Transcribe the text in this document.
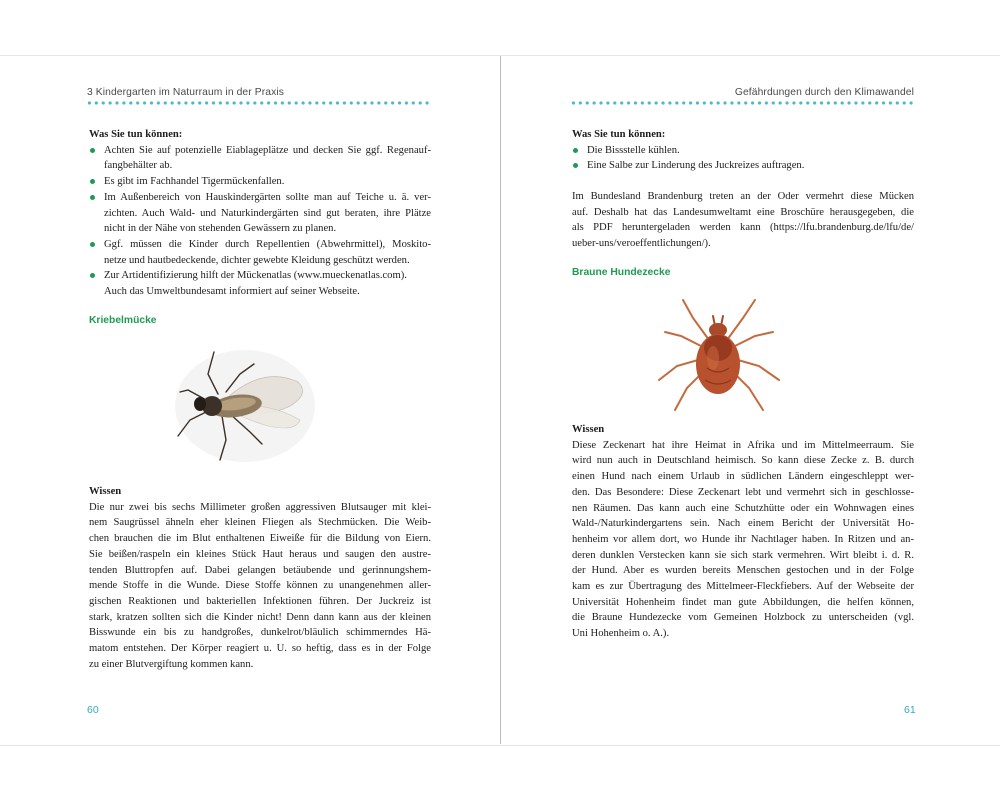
3 Kindergarten im Naturraum in der Praxis
Was Sie tun können:
Achten Sie auf potenzielle Eiablageplätze und decken Sie ggf. Regenauf-
fangbehälter ab.
Es gibt im Fachhandel Tigermückenfallen.
Im Außenbereich von Hauskindergärten sollte man auf Teiche u. ä. ver-
zichten. Auch Wald- und Naturkindergärten sind gut beraten, ihre Plätze
nicht in der Nähe von stehenden Gewässern zu planen.
Ggf. müssen die Kinder durch Repellentien (Abwehrmittel), Moskito-
netze und hautbedeckende, dichter gewebte Kleidung geschützt werden.
Zur Artidentifizierung hilft der Mückenatlas (www.mueckenatlas.com).
Auch das Umweltbundesamt informiert auf seiner Webseite.
Kriebelmücke
Wissen
Die nur zwei bis sechs Millimeter großen aggressiven Blutsauger mit klei-
nem Saugrüssel ähneln eher kleinen Fliegen als Stechmücken. Die Weib-
chen brauchen die im Blut enthaltenen Eiweiße für die Bildung von Eiern.
Sie beißen/raspeln ein kleines Stück Haut heraus und saugen den austre-
tenden Bluttropfen auf. Dabei gelangen betäubende und gerinnungshem-
mende Stoffe in die Wunde. Diese Stoffe können zu unangenehmen aller-
gischen Reaktionen und bakteriellen Infektionen führen. Der Juckreiz ist
stark, kratzen sollten sich die Kinder nicht! Denn dann kann aus der kleinen
Bisswunde ein bis zu handgroßes, dunkelrot/bläulich schimmerndes Hä-
matom entstehen. Der Körper reagiert u. U. so heftig, dass es in der Folge
zu einer Blutvergiftung kommen kann.
60
Gefährdungen durch den Klimawandel
Was Sie tun können:
Die Bissstelle kühlen.
Eine Salbe zur Linderung des Juckreizes auftragen.
Im Bundesland Brandenburg treten an der Oder vermehrt diese Mücken
auf. Deshalb hat das Landesumweltamt eine Broschüre herausgegeben, die
als PDF heruntergeladen werden kann (https://lfu.brandenburg.de/lfu/de/
ueber-uns/veroeffentlichungen/).
Braune Hundezecke
Wissen
Diese Zeckenart hat ihre Heimat in Afrika und im Mittelmeerraum. Sie
wird nun auch in Deutschland heimisch. So kann diese Zecke z. B. durch
einen Hund nach einem Urlaub in südlichen Ländern eingeschleppt wer-
den. Das Besondere: Diese Zeckenart lebt und vermehrt sich in geschlosse-
nen Räumen. Das kann auch eine Schutzhütte oder ein Wohnwagen eines
Wald-/Naturkindergartens sein. Nach einem Bericht der Universität Ho-
henheim vor allem dort, wo Hunde ihr Nachtlager haben. In Ritzen und an-
deren dunklen Verstecken kann sie sich stark vermehren. Wirt bleibt i. d. R.
der Hund. Aber es wurden bereits Menschen gestochen und in der Folge
kam es zur Übertragung des Mittelmeer-Fleckfiebers. Auf der Webseite der
Universität Hohenheim findet man gute Abbildungen, die helfen können,
die Braune Hundezecke vom Gemeinen Holzbock zu unterscheiden (vgl.
Uni Hohenheim o. A.).
61
